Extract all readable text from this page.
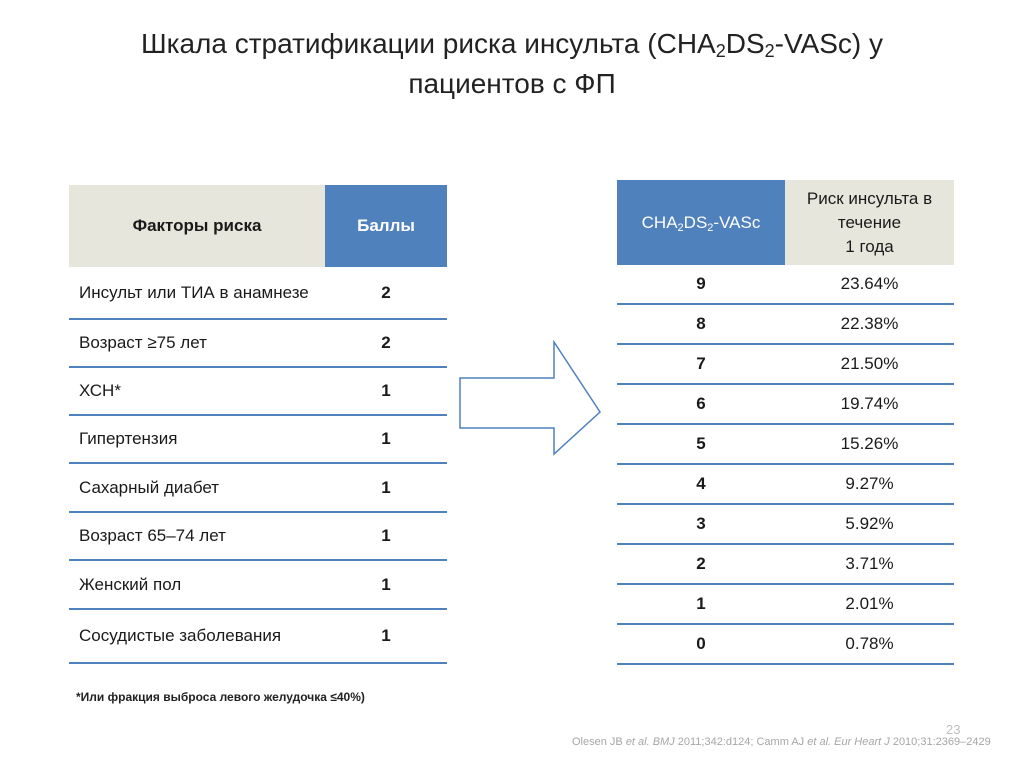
Шкала стратификации риска инсульта $(CHA_2DS_2-VASc)$ у
пациентов с ФП
Факторы риска	Баллы
Инсульт или ТИА в анамнезе	2
Возраст ≥75 лет	2
ХСН*	1
Гипертензия	1
Сахарный диабет	1
Возраст 65–74 лет	1
Женский пол	1
Сосудистые заболевания	1
$CHA_2DS_2$-VASc	Риск инсульта в
течение
1 года
9	23.64%
8	22.38%
7	21.50%
6	19.74%
5	15.26%
4	9.27%
3	5.92%
2	3.71%
1	2.01%
0	0.78%
*Или фракция выброса левого желудочка ≤40%)
23
Olesen JB et al. BMJ 2011;342:d124; Camm AJ et al. Eur Heart J 2010;31:2369–2429
